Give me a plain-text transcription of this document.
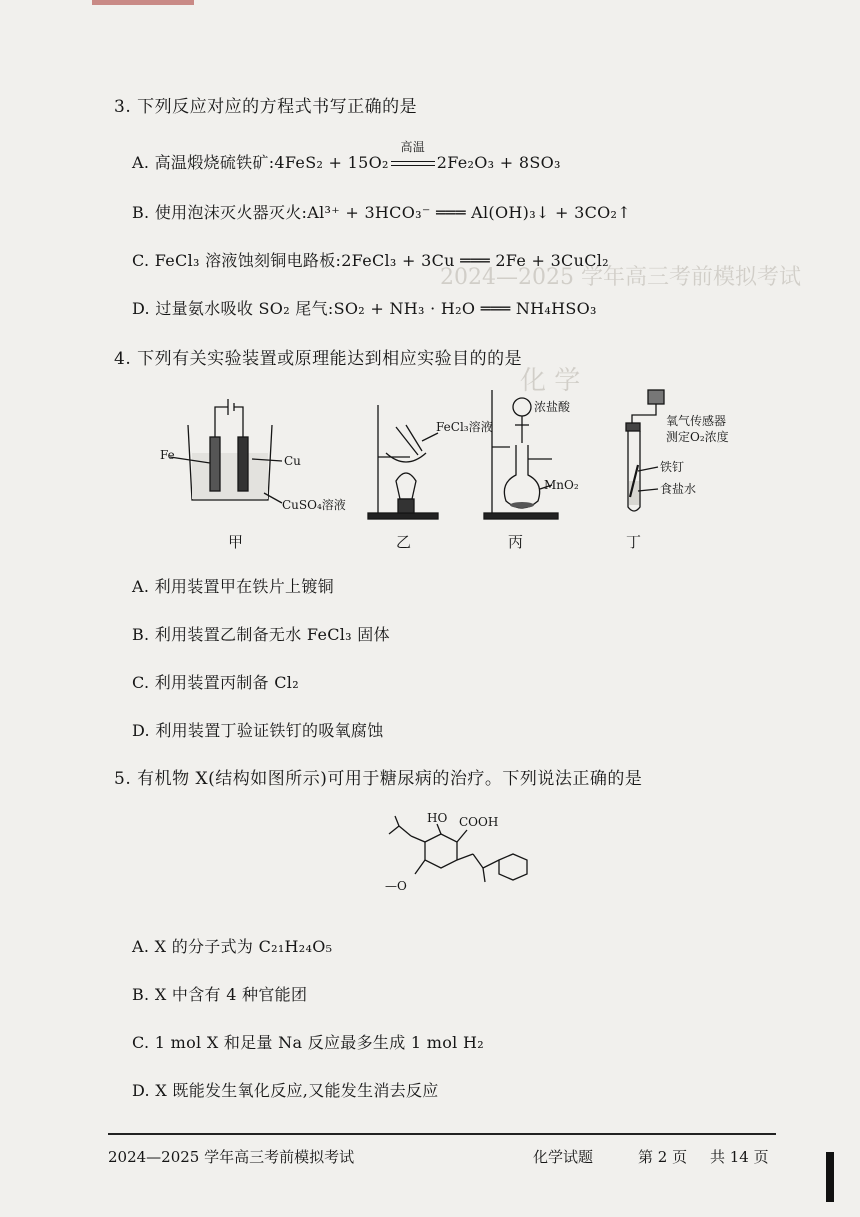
2024—2025 学年高三考前模拟考试
化 学
3. 下列反应对应的方程式书写正确的是
A. 高温煅烧硫铁矿:4FeS₂ + 15O₂
高温
2Fe₂O₃ + 8SO₃
B. 使用泡沫灭火器灭火:Al³⁺ + 3HCO₃⁻ ═══ Al(OH)₃↓ + 3CO₂↑
C. FeCl₃ 溶液蚀刻铜电路板:2FeCl₃ + 3Cu ═══ 2Fe + 3CuCl₂
D. 过量氨水吸收 SO₂ 尾气:SO₂ + NH₃ · H₂O ═══ NH₄HSO₃
4. 下列有关实验装置或原理能达到相应实验目的的是
Fe	Cu
CuSO₄溶液
FeCl₃溶液
浓盐酸
MnO₂
氧气传感器
测定O₂浓度
铁钉
食盐水
甲	乙	丙	丁
A. 利用装置甲在铁片上镀铜
B. 利用装置乙制备无水 FeCl₃ 固体
C. 利用装置丙制备 Cl₂
D. 利用装置丁验证铁钉的吸氧腐蚀
5. 有机物 X(结构如图所示)可用于糖尿病的治疗。下列说法正确的是
HO COOH
—O
A. X 的分子式为 C₂₁H₂₄O₅
B. X 中含有 4 种官能团
C. 1 mol X 和足量 Na 反应最多生成 1 mol H₂
D. X 既能发生氧化反应,又能发生消去反应
2024—2025 学年高三考前模拟考试	化学试题	第 2 页 共 14 页
